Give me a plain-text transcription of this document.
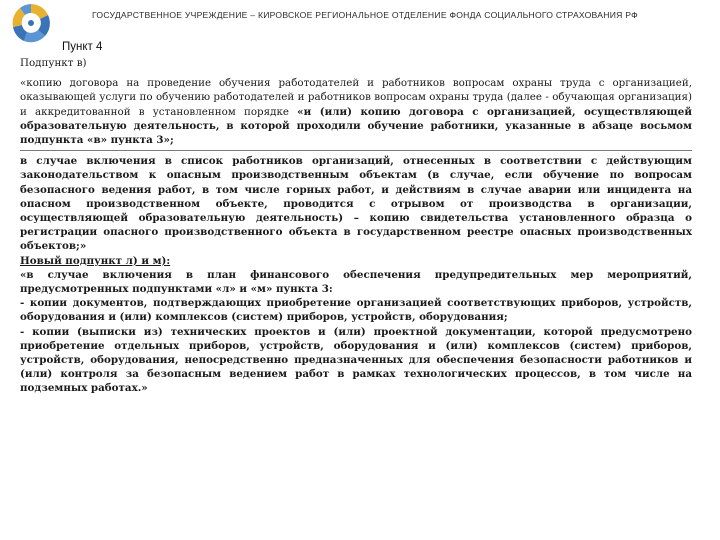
ГОСУДАРСТВЕННОЕ УЧРЕЖДЕНИЕ – КИРОВСКОЕ РЕГИОНАЛЬНОЕ ОТДЕЛЕНИЕ ФОНДА СОЦИАЛЬНОГО СТРАХОВАНИЯ РФ
Пункт 4

Подпункт в)

«копию договора на проведение обучения работодателей и работников вопросам охраны труда с организацией, оказывающей услуги по обучению работодателей и работников вопросам охраны труда (далее - обучающая организация) и аккредитованной в установленном порядке «и (или) копию договора с организацией, осуществляющей образовательную деятельность, в которой проходили обучение работники, указанные в абзаце восьмом подпункта «в» пункта 3»;

в случае включения в список работников организаций, отнесенных в соответствии с действующим законодательством к опасным производственным объектам (в случае, если обучение по вопросам безопасного ведения работ, в том числе горных работ, и действиям в случае аварии или инцидента на опасном производственном объекте, проводится с отрывом от производства в организации, осуществляющей образовательную деятельность) – копию свидетельства установленного образца о регистрации опасного производственного объекта в государственном реестре опасных производственных объектов;»

Новый подпункт л) и м):

«в случае включения в план финансового обеспечения предупредительных мер мероприятий, предусмотренных подпунктами «л» и «м» пункта 3:

- копии документов, подтверждающих приобретение организацией соответствующих приборов, устройств, оборудования и (или) комплексов (систем) приборов, устройств, оборудования;

- копии (выписки из) технических проектов и (или) проектной документации, которой предусмотрено приобретение отдельных приборов, устройств, оборудования и (или) комплексов (систем) приборов, устройств, оборудования, непосредственно предназначенных для обеспечения безопасности работников и (или) контроля за безопасным ведением работ в рамках технологических процессов, в том числе на подземных работах.»
